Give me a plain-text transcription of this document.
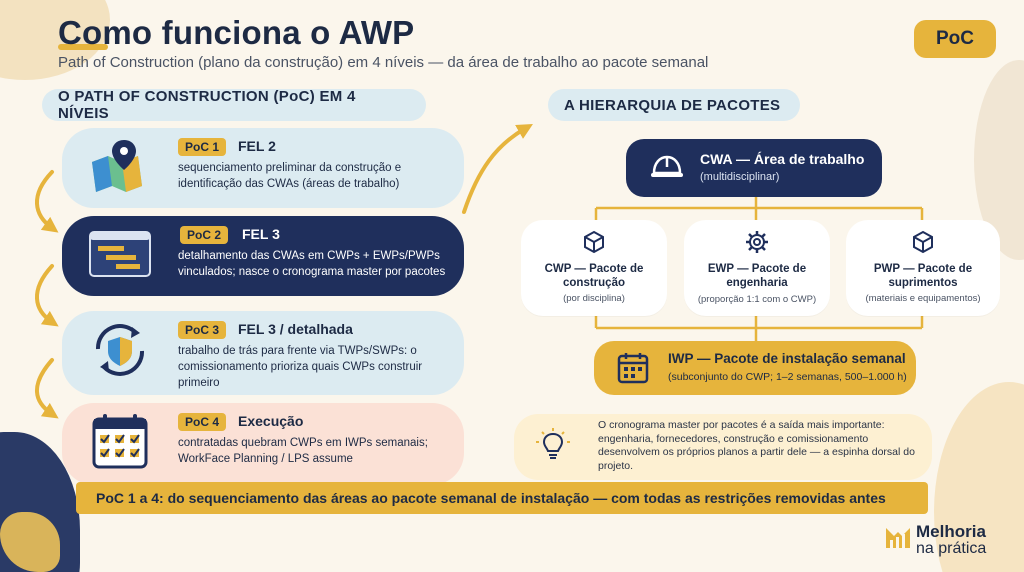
Como funciona o AWP
Path of Construction (plano da construção) em 4 níveis — da área de trabalho ao pacote semanal
PoC
O PATH OF CONSTRUCTION (PoC) EM 4 NÍVEIS	A HIERARQUIA DE PACOTES
PoC 1	FEL 2
sequenciamento preliminar da construção e identificação das CWAs (áreas de trabalho)
PoC 2	FEL 3
detalhamento das CWAs em CWPs + EWPs/PWPs vinculados; nasce o cronograma master por pacotes
PoC 3	FEL 3 / detalhada
trabalho de trás para frente via TWPs/SWPs: o comissionamento prioriza quais CWPs construir primeiro
PoC 4	Execução
contratadas quebram CWPs em IWPs semanais; WorkFace Planning / LPS assume
CWA — Área de trabalho
(multidisciplinar)
CWP — Pacote de construção
(por disciplina)
EWP — Pacote de engenharia
(proporção 1:1 com o CWP)
PWP — Pacote de suprimentos
(materiais e equipamentos)
IWP — Pacote de instalação semanal
(subconjunto do CWP; 1–2 semanas, 500–1.000 h)
O cronograma master por pacotes é a saída mais importante: engenharia, fornecedores, construção e comissionamento desenvolvem os próprios planos a partir dele — a espinha dorsal do projeto.
PoC 1 a 4: do sequenciamento das áreas ao pacote semanal de instalação — com todas as restrições removidas antes
Melhoria
na prática
